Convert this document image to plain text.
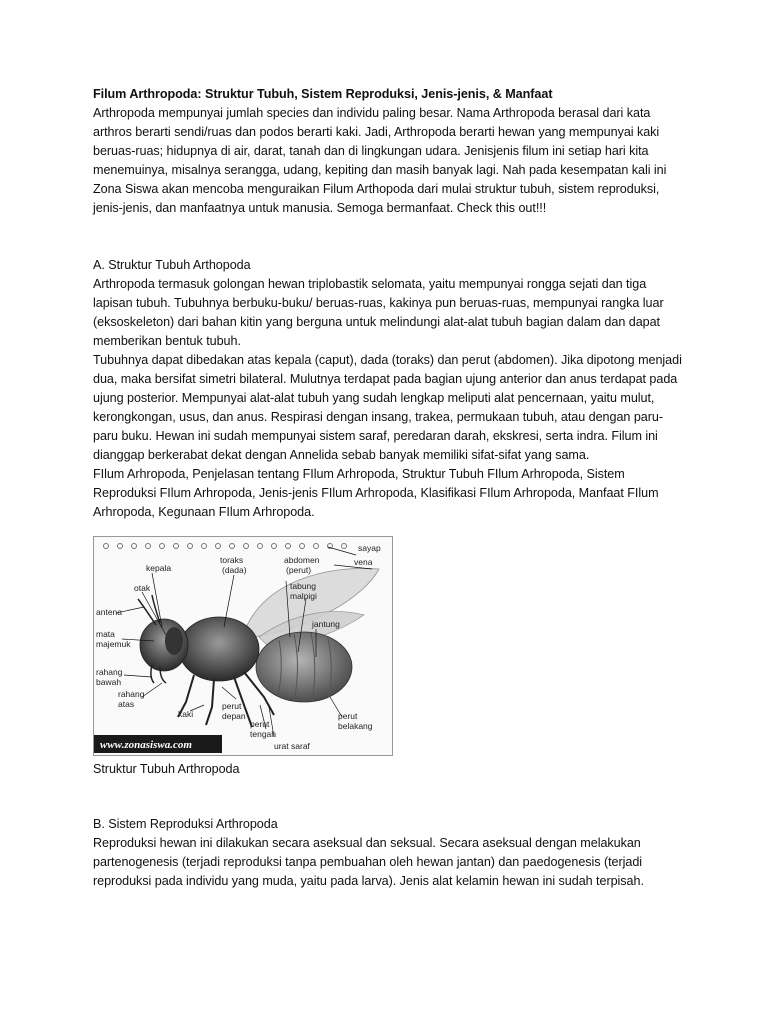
Filum Arthropoda: Struktur Tubuh, Sistem Reproduksi, Jenis-jenis, & Manfaat

Arthropoda mempunyai jumlah species dan individu paling besar. Nama Arthropoda berasal dari kata arthros berarti sendi/ruas dan podos berarti kaki. Jadi, Arthropoda berarti hewan yang mempunyai kaki beruas-ruas; hidupnya di air, darat, tanah dan di lingkungan udara. Jenisjenis filum ini setiap hari kita menemuinya, misalnya serangga, udang, kepiting dan masih banyak lagi. Nah pada kesempatan kali ini Zona Siswa akan mencoba menguraikan Filum Arthopoda dari mulai struktur tubuh, sistem reproduksi, jenis-jenis, dan manfaatnya untuk manusia. Semoga bermanfaat. Check this out!!!

A. Struktur Tubuh Arthopoda

Arthropoda termasuk golongan hewan triplobastik selomata, yaitu mempunyai rongga sejati dan tiga lapisan tubuh. Tubuhnya berbuku-buku/ beruas-ruas, kakinya pun beruas-ruas, mempunyai rangka luar (eksoskeleton) dari bahan kitin yang berguna untuk melindungi alat-alat tubuh bagian dalam dan dapat memberikan bentuk tubuh.

Tubuhnya dapat dibedakan atas kepala (caput), dada (toraks) dan perut (abdomen). Jika dipotong menjadi dua, maka bersifat simetri bilateral. Mulutnya terdapat pada bagian ujung anterior dan anus terdapat pada ujung posterior. Mempunyai alat-alat tubuh yang sudah lengkap meliputi alat pencernaan, yaitu mulut, kerongkongan, usus, dan anus. Respirasi dengan insang, trakea, permukaan tubuh, atau dengan paru-paru buku. Hewan ini sudah mempunyai sistem saraf, peredaran darah, ekskresi, serta indra. Filum ini dianggap berkerabat dekat dengan Annelida sebab banyak memiliki sifat-sifat yang sama.

FIlum Arhropoda, Penjelasan tentang FIlum Arhropoda, Struktur Tubuh FIlum Arhropoda, Sistem Reproduksi FIlum Arhropoda, Jenis-jenis FIlum Arhropoda, Klasifikasi FIlum Arhropoda, Manfaat FIlum Arhropoda, Kegunaan FIlum Arhropoda.

kepala
otak
antena
mata
majemuk
rahang
bawah
rahang
atas
kaki
toraks
(dada)
abdomen
(perut)
sayap
vena
tabung
malpigi
jantung
perut
depan
perut
tengah
perut
belakang
urat saraf
www.zonasiswa.com

Struktur Tubuh Arthropoda

B. Sistem Reproduksi Arthropoda

Reproduksi hewan ini dilakukan secara aseksual dan seksual. Secara aseksual dengan melakukan partenogenesis (terjadi reproduksi tanpa pembuahan oleh hewan jantan) dan paedogenesis (terjadi reproduksi pada individu yang muda, yaitu pada larva). Jenis alat kelamin hewan ini sudah terpisah.
